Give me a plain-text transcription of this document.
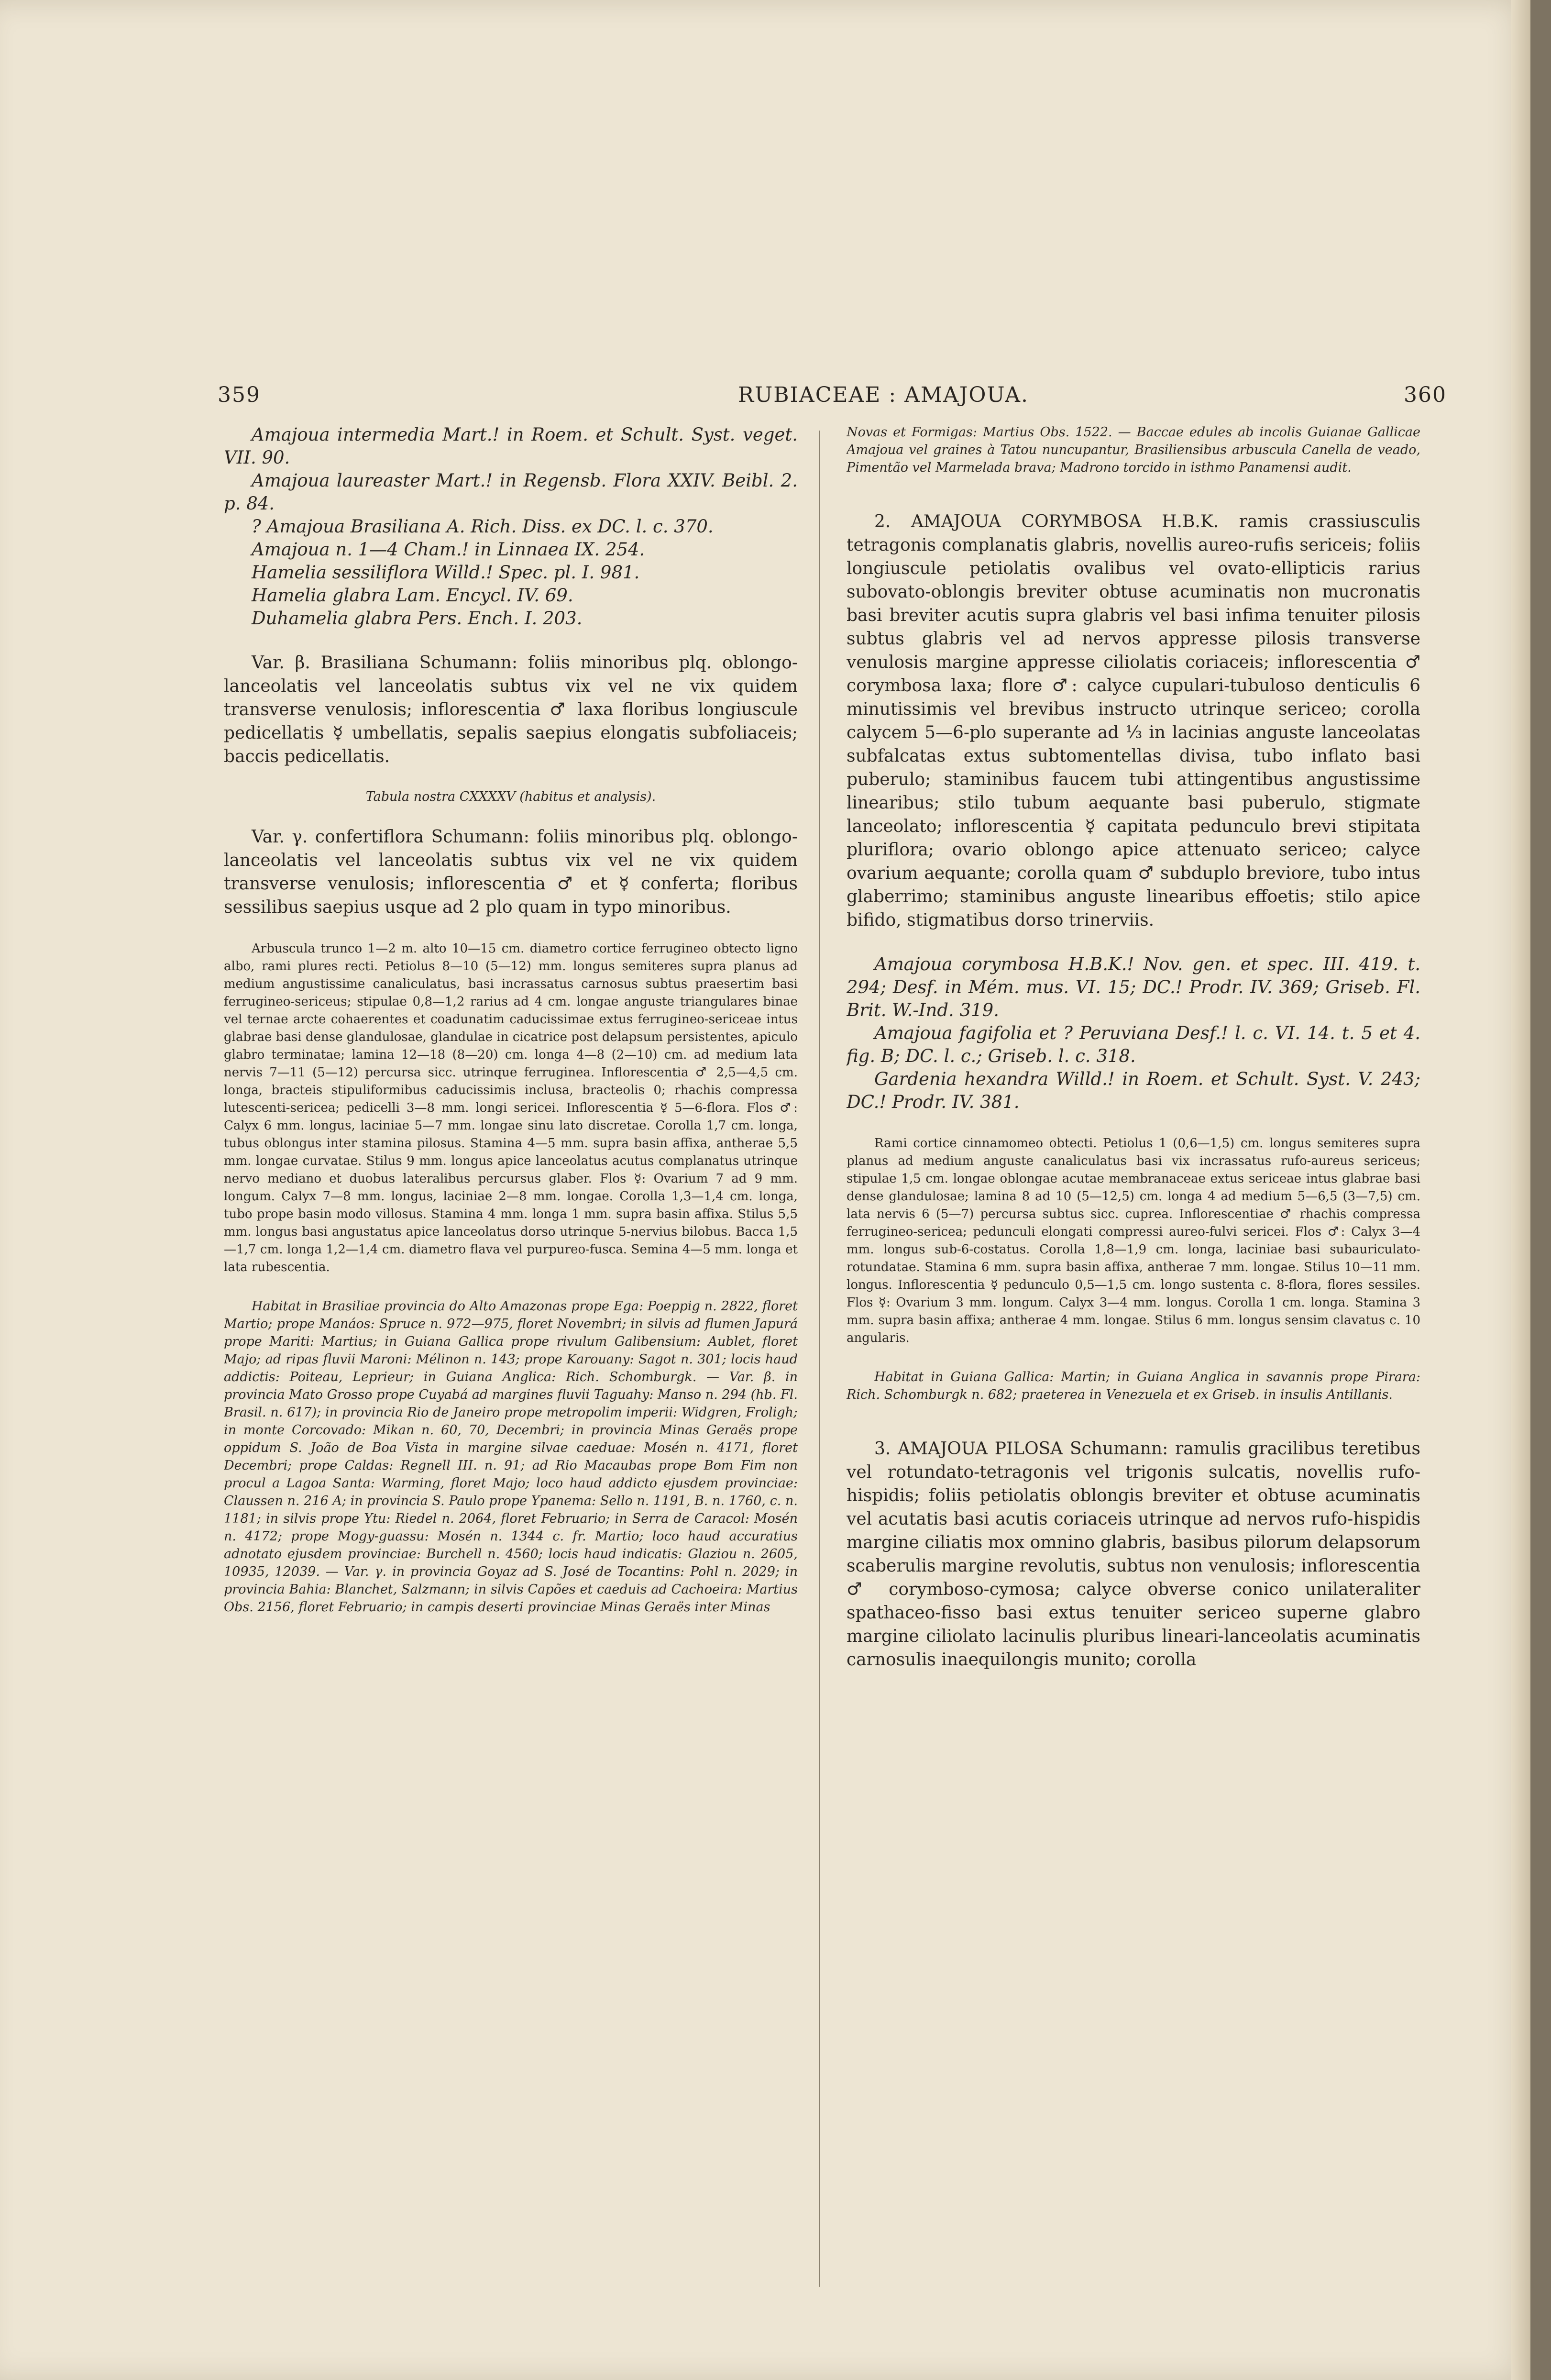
359	RUBIACEAE : AMAJOUA.	360

Amajoua intermedia Mart.! in Roem. et Schult. Syst. veget. VII. 90.

Amajoua laureaster Mart.! in Regensb. Flora XXIV. Beibl. 2. p. 84.

? Amajoua Brasiliana A. Rich. Diss. ex DC. l. c. 370.

Amajoua n. 1—4 Cham.! in Linnaea IX. 254.

Hamelia sessiliflora Willd.! Spec. pl. I. 981.

Hamelia glabra Lam. Encycl. IV. 69.

Duhamelia glabra Pers. Ench. I. 203.

Var. β. Brasiliana Schumann: foliis minoribus plq. oblongo-lanceolatis vel lanceolatis subtus vix vel ne vix quidem transverse venulosis; inflorescentia ♂ laxa floribus longiuscule pedicellatis ☿ umbellatis, sepalis saepius elongatis subfoliaceis; baccis pedicellatis.

Tabula nostra CXXXXV (habitus et analysis).

Var. γ. confertiflora Schumann: foliis minoribus plq. oblongo-lanceolatis vel lanceolatis subtus vix vel ne vix quidem transverse venulosis; inflorescentia ♂ et ☿ conferta; floribus sessilibus saepius usque ad 2 plo quam in typo minoribus.

Arbuscula trunco 1—2 m. alto 10—15 cm. diametro cortice ferrugineo obtecto ligno albo, rami plures recti. Petiolus 8—10 (5—12) mm. longus semiteres supra planus ad medium angustissime canaliculatus, basi incrassatus carnosus subtus praesertim basi ferrugineo-sericeus; stipulae 0,8—1,2 rarius ad 4 cm. longae anguste triangulares binae vel ternae arcte cohaerentes et coadunatim caducissimae extus ferrugineo-sericeae intus glabrae basi dense glandulosae, glandulae in cicatrice post delapsum persistentes, apiculo glabro terminatae; lamina 12—18 (8—20) cm. longa 4—8 (2—10) cm. ad medium lata nervis 7—11 (5—12) percursa sicc. utrinque ferruginea. Inflorescentia ♂ 2,5—4,5 cm. longa, bracteis stipuliformibus caducissimis inclusa, bracteolis 0; rhachis compressa lutescenti-sericea; pedicelli 3—8 mm. longi sericei. Inflorescentia ☿ 5—6-flora. Flos ♂: Calyx 6 mm. longus, laciniae 5—7 mm. longae sinu lato discretae. Corolla 1,7 cm. longa, tubus oblongus inter stamina pilosus. Stamina 4—5 mm. supra basin affixa, antherae 5,5 mm. longae curvatae. Stilus 9 mm. longus apice lanceolatus acutus complanatus utrinque nervo mediano et duobus lateralibus percursus glaber. Flos ☿: Ovarium 7 ad 9 mm. longum. Calyx 7—8 mm. longus, laciniae 2—8 mm. longae. Corolla 1,3—1,4 cm. longa, tubo prope basin modo villosus. Stamina 4 mm. longa 1 mm. supra basin affixa. Stilus 5,5 mm. longus basi angustatus apice lanceolatus dorso utrinque 5-nervius bilobus. Bacca 1,5—1,7 cm. longa 1,2—1,4 cm. diametro flava vel purpureo-fusca. Semina 4—5 mm. longa et lata rubescentia.

Habitat in Brasiliae provincia do Alto Amazonas prope Ega: Poeppig n. 2822, floret Martio; prope Manáos: Spruce n. 972—975, floret Novembri; in silvis ad flumen Japurá prope Mariti: Martius; in Guiana Gallica prope rivulum Galibensium: Aublet, floret Majo; ad ripas fluvii Maroni: Mélinon n. 143; prope Karouany: Sagot n. 301; locis haud addictis: Poiteau, Leprieur; in Guiana Anglica: Rich. Schomburgk. — Var. β. in provincia Mato Grosso prope Cuyabá ad margines fluvii Taguahy: Manso n. 294 (hb. Fl. Brasil. n. 617); in provincia Rio de Janeiro prope metropolim imperii: Widgren, Froligh; in monte Corcovado: Mikan n. 60, 70, Decembri; in provincia Minas Geraës prope oppidum S. João de Boa Vista in margine silvae caeduae: Mosén n. 4171, floret Decembri; prope Caldas: Regnell III. n. 91; ad Rio Macaubas prope Bom Fim non procul a Lagoa Santa: Warming, floret Majo; loco haud addicto ejusdem provinciae: Claussen n. 216 A; in provincia S. Paulo prope Ypanema: Sello n. 1191, B. n. 1760, c. n. 1181; in silvis prope Ytu: Riedel n. 2064, floret Februario; in Serra de Caracol: Mosén n. 4172; prope Mogy-guassu: Mosén n. 1344 c. fr. Martio; loco haud accuratius adnotato ejusdem provinciae: Burchell n. 4560; locis haud indicatis: Glaziou n. 2605, 10935, 12039. — Var. γ. in provincia Goyaz ad S. José de Tocantins: Pohl n. 2029; in provincia Bahia: Blanchet, Salzmann; in silvis Capões et caeduis ad Cachoeira: Martius Obs. 2156, floret Februario; in campis deserti provinciae Minas Geraës inter Minas

Novas et Formigas: Martius Obs. 1522. — Baccae edules ab incolis Guianae Gallicae Amajoua vel graines à Tatou nuncupantur, Brasiliensibus arbuscula Canella de veado, Pimentão vel Marmelada brava; Madrono torcido in isthmo Panamensi audit.

2. AMAJOUA CORYMBOSA H.B.K. ramis crassiusculis tetragonis complanatis glabris, novellis aureo-rufis sericeis; foliis longiuscule petiolatis ovalibus vel ovato-ellipticis rarius subovato-oblongis breviter obtuse acuminatis non mucronatis basi breviter acutis supra glabris vel basi infima tenuiter pilosis subtus glabris vel ad nervos appresse pilosis transverse venulosis margine appresse ciliolatis coriaceis; inflorescentia ♂ corymbosa laxa; flore ♂: calyce cupulari-tubuloso denticulis 6 minutissimis vel brevibus instructo utrinque sericeo; corolla calycem 5—6-plo superante ad ⅓ in lacinias anguste lanceolatas subfalcatas extus subtomentellas divisa, tubo inflato basi puberulo; staminibus faucem tubi attingentibus angustissime linearibus; stilo tubum aequante basi puberulo, stigmate lanceolato; inflorescentia ☿ capitata pedunculo brevi stipitata pluriflora; ovario oblongo apice attenuato sericeo; calyce ovarium aequante; corolla quam ♂ subduplo breviore, tubo intus glaberrimo; staminibus anguste linearibus effoetis; stilo apice bifido, stigmatibus dorso trinerviis.

Amajoua corymbosa H.B.K.! Nov. gen. et spec. III. 419. t. 294; Desf. in Mém. mus. VI. 15; DC.! Prodr. IV. 369; Griseb. Fl. Brit. W.-Ind. 319.

Amajoua fagifolia et ? Peruviana Desf.! l. c. VI. 14. t. 5 et 4. fig. B; DC. l. c.; Griseb. l. c. 318.

Gardenia hexandra Willd.! in Roem. et Schult. Syst. V. 243; DC.! Prodr. IV. 381.

Rami cortice cinnamomeo obtecti. Petiolus 1 (0,6—1,5) cm. longus semiteres supra planus ad medium anguste canaliculatus basi vix incrassatus rufo-aureus sericeus; stipulae 1,5 cm. longae oblongae acutae membranaceae extus sericeae intus glabrae basi dense glandulosae; lamina 8 ad 10 (5—12,5) cm. longa 4 ad medium 5—6,5 (3—7,5) cm. lata nervis 6 (5—7) percursa subtus sicc. cuprea. Inflorescentiae ♂ rhachis compressa ferrugineo-sericea; pedunculi elongati compressi aureo-fulvi sericei. Flos ♂: Calyx 3—4 mm. longus sub-6-costatus. Corolla 1,8—1,9 cm. longa, laciniae basi subauriculato-rotundatae. Stamina 6 mm. supra basin affixa, antherae 7 mm. longae. Stilus 10—11 mm. longus. Inflorescentia ☿ pedunculo 0,5—1,5 cm. longo sustenta c. 8-flora, flores sessiles. Flos ☿: Ovarium 3 mm. longum. Calyx 3—4 mm. longus. Corolla 1 cm. longa. Stamina 3 mm. supra basin affixa; antherae 4 mm. longae. Stilus 6 mm. longus sensim clavatus c. 10 angularis.

Habitat in Guiana Gallica: Martin; in Guiana Anglica in savannis prope Pirara: Rich. Schomburgk n. 682; praeterea in Venezuela et ex Griseb. in insulis Antillanis.

3. AMAJOUA PILOSA Schumann: ramulis gracilibus teretibus vel rotundato-tetragonis vel trigonis sulcatis, novellis rufo-hispidis; foliis petiolatis oblongis breviter et obtuse acuminatis vel acutatis basi acutis coriaceis utrinque ad nervos rufo-hispidis margine ciliatis mox omnino glabris, basibus pilorum delapsorum scaberulis margine revolutis, subtus non venulosis; inflorescentia ♂ corymboso-cymosa; calyce obverse conico unilateraliter spathaceo-fisso basi extus tenuiter sericeo superne glabro margine ciliolato lacinulis pluribus lineari-lanceolatis acuminatis carnosulis inaequilongis munito; corolla
